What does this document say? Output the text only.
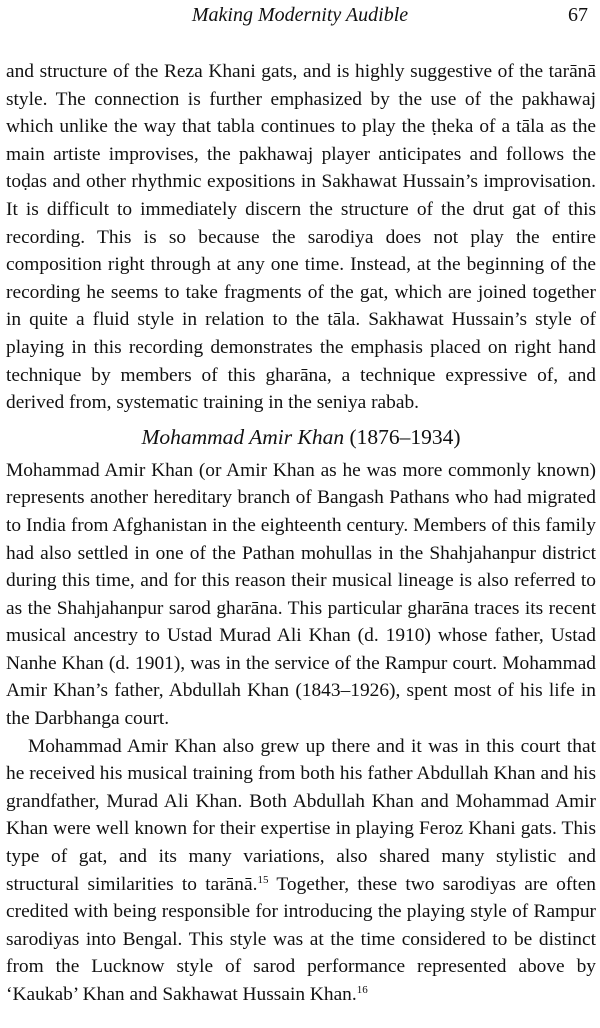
Making Modernity Audible	67

and structure of the Reza Khani gats, and is highly suggestive of the tarānā style. The connection is further emphasized by the use of the pakhawaj which unlike the way that tabla continues to play the ṭheka of a tāla as the main artiste improvises, the pakhawaj player anticipates and follows the toḍas and other rhythmic expositions in Sakhawat Hussain’s improvisation. It is difficult to immediately discern the structure of the drut gat of this recording. This is so because the sarodiya does not play the entire composition right through at any one time. Instead, at the beginning of the recording he seems to take fragments of the gat, which are joined together in quite a fluid style in relation to the tāla. Sakhawat Hussain’s style of playing in this recording demonstrates the emphasis placed on right hand technique by members of this gharāna, a technique expressive of, and derived from, systematic training in the seniya rabab.

Mohammad Amir Khan (1876–1934)

Mohammad Amir Khan (or Amir Khan as he was more commonly known) represents another hereditary branch of Bangash Pathans who had migrated to India from Afghanistan in the eighteenth century. Members of this family had also settled in one of the Pathan mohullas in the Shahjahanpur district during this time, and for this reason their musical lineage is also referred to as the Shahjahanpur sarod gharāna. This particular gharāna traces its recent musical ancestry to Ustad Murad Ali Khan (d. 1910) whose father, Ustad Nanhe Khan (d. 1901), was in the service of the Rampur court. Mohammad Amir Khan’s father, Abdullah Khan (1843–1926), spent most of his life in the Darbhanga court.

Mohammad Amir Khan also grew up there and it was in this court that he received his musical training from both his father Abdullah Khan and his grandfather, Murad Ali Khan. Both Abdullah Khan and Mohammad Amir Khan were well known for their expertise in playing Feroz Khani gats. This type of gat, and its many variations, also shared many stylistic and structural similarities to tarānā.$^{15}$ Together, these two sarodiyas are often credited with being responsible for introducing the playing style of Rampur sarodiyas into Bengal. This style was at the time considered to be distinct from the Lucknow style of sarod performance represented above by ‘Kaukab’ Khan and Sakhawat Hussain Khan.$^{16}$
